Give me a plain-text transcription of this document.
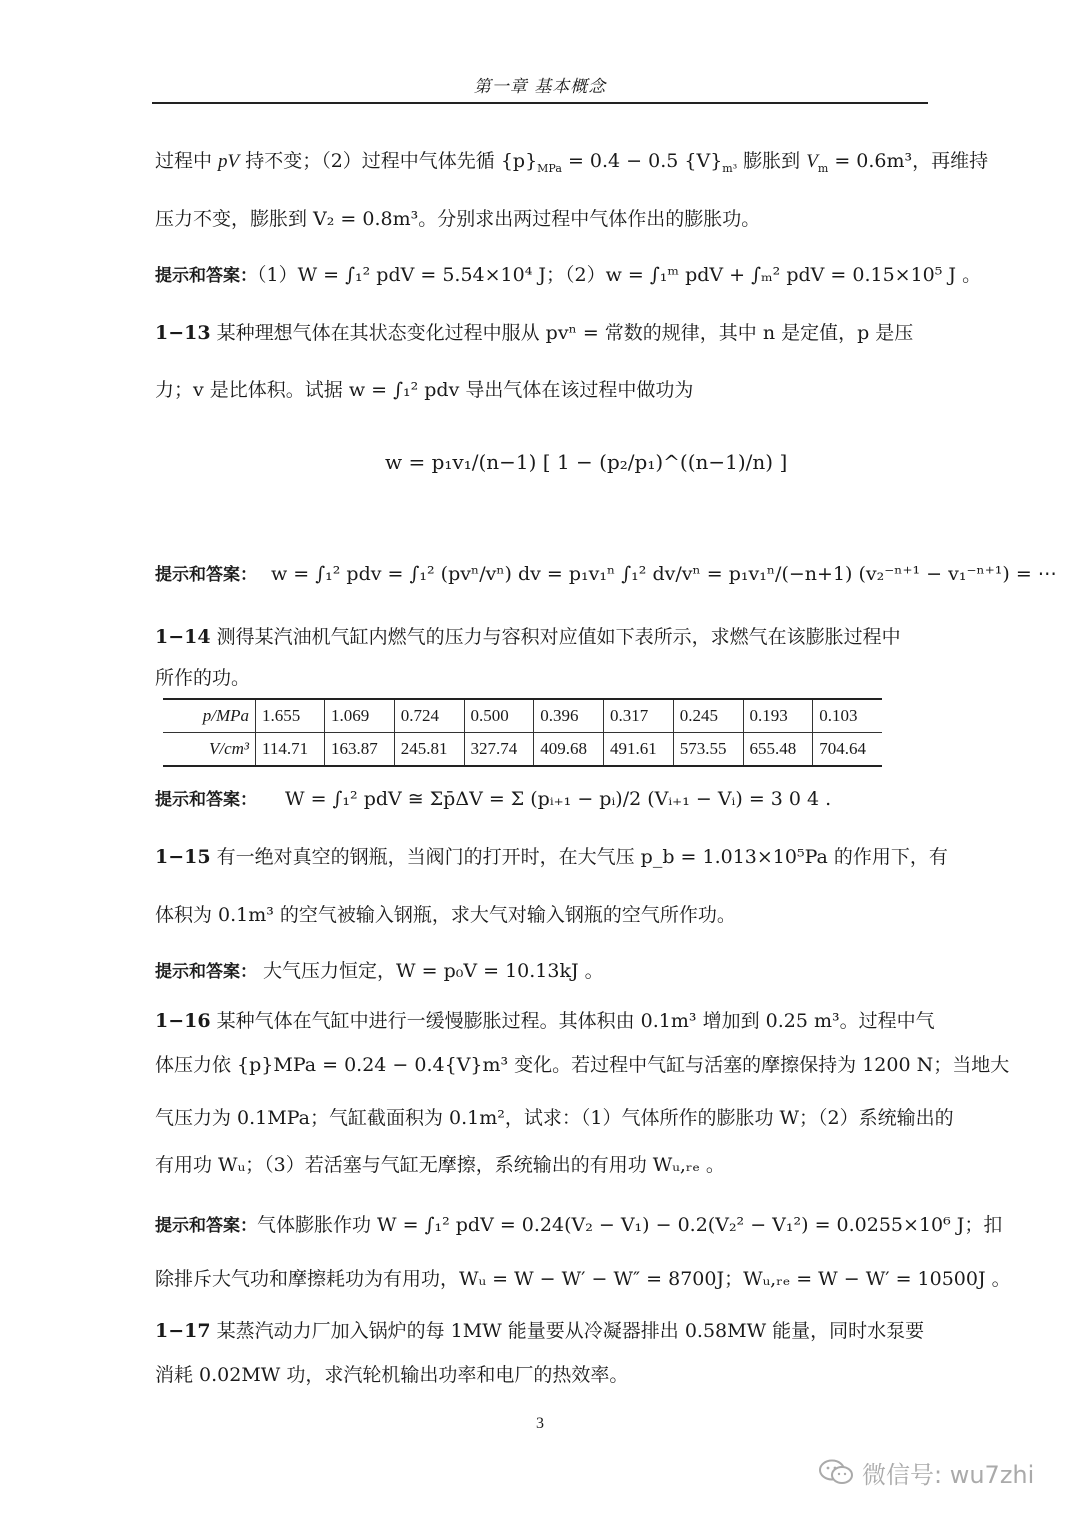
第一章 基本概念
过程中 pV 持不变；（2）过程中气体先循 $\{p\}_{MPa} = 0.4 - 0.5$ $\{V\}_{m^3}$ 膨胀到 $V_m = 0.6m^3$，再维持
压力不变，膨胀到 V₂ = 0.8m³。分别求出两过程中气体作出的膨胀功。
提示和答案：（1）W = ∫₁² pdV = 5.54×10⁴ J；（2）w = ∫₁ᵐ pdV + ∫ₘ² pdV = 0.15×10⁵ J 。
1−13 某种理想气体在其状态变化过程中服从 pvⁿ = 常数的规律，其中 n 是定值，p 是压
力；v 是比体积。试据 w = ∫₁² pdv 导出气体在该过程中做功为
w = p₁v₁/(n−1) [ 1 − (p₂/p₁)^((n−1)/n) ]
提示和答案： w = ∫₁² pdv = ∫₁² (pvⁿ/vⁿ) dv = p₁v₁ⁿ ∫₁² dv/vⁿ = p₁v₁ⁿ/(−n+1) (v₂⁻ⁿ⁺¹ − v₁⁻ⁿ⁺¹) = ⋯
1−14 测得某汽油机气缸内燃气的压力与容积对应值如下表所示，求燃气在该膨胀过程中
所作的功。
p/MPa	1.655	1.069	0.724	0.500	0.396	0.317	0.245	0.193	0.103
V/cm³	114.71	163.87	245.81	327.74	409.68	491.61	573.55	655.48	704.64
提示和答案： W = ∫₁² pdV ≅ Σp̄ΔV = Σ (pᵢ₊₁ − pᵢ)/2 (Vᵢ₊₁ − Vᵢ) = 3 0 4 .
1−15 有一绝对真空的钢瓶，当阀门的打开时，在大气压 p_b = 1.013×10⁵Pa 的作用下，有
体积为 0.1m³ 的空气被输入钢瓶，求大气对输入钢瓶的空气所作功。
提示和答案： 大气压力恒定，W = p₀V = 10.13kJ 。
1−16 某种气体在气缸中进行一缓慢膨胀过程。其体积由 0.1m³ 增加到 0.25 m³。过程中气
体压力依 {p}MPa = 0.24 − 0.4{V}m³ 变化。若过程中气缸与活塞的摩擦保持为 1200 N；当地大
气压力为 0.1MPa；气缸截面积为 0.1m²，试求：（1）气体所作的膨胀功 W；（2）系统输出的
有用功 Wᵤ；（3）若活塞与气缸无摩擦，系统输出的有用功 Wᵤ,ᵣₑ 。
提示和答案：气体膨胀作功 W = ∫₁² pdV = 0.24(V₂ − V₁) − 0.2(V₂² − V₁²) = 0.0255×10⁶ J；扣
除排斥大气功和摩擦耗功为有用功，Wᵤ = W − W′ − W″ = 8700J；Wᵤ,ᵣₑ = W − W′ = 10500J 。
1−17 某蒸汽动力厂加入锅炉的每 1MW 能量要从冷凝器排出 0.58MW 能量，同时水泵要
消耗 0.02MW 功，求汽轮机输出功率和电厂的热效率。
3
微信号: wu7zhi
